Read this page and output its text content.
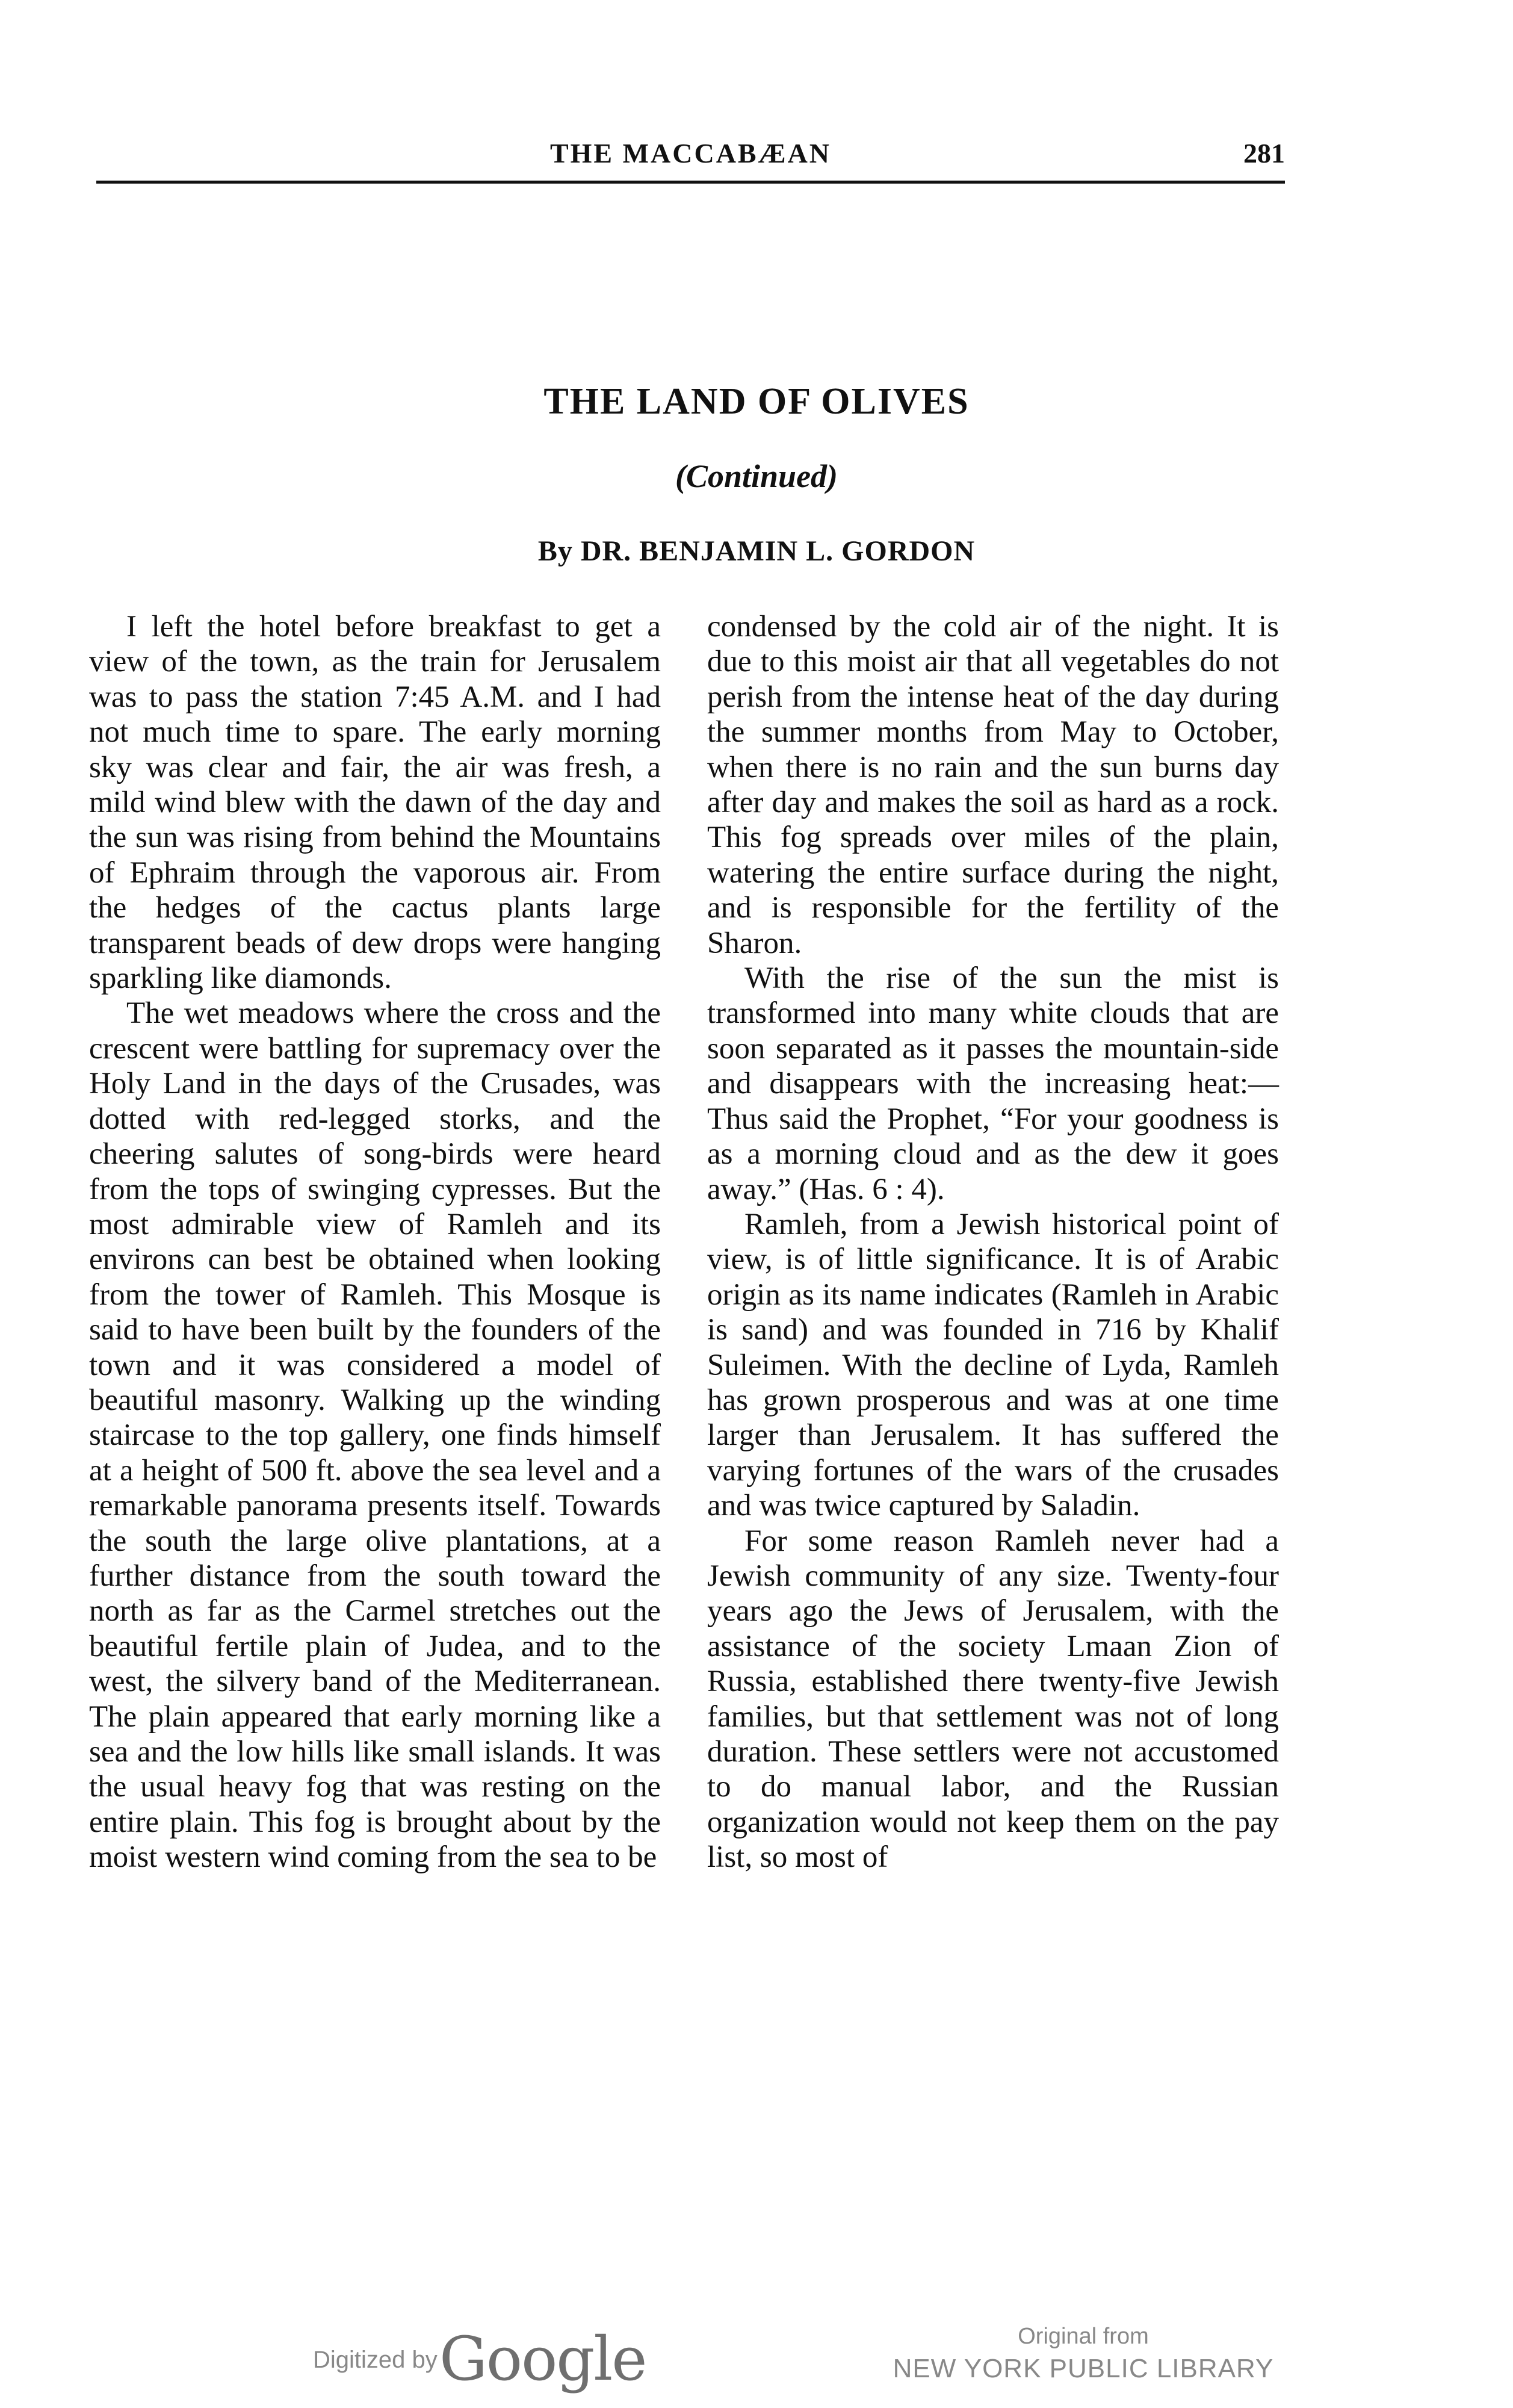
THE MACCABÆAN	281
THE LAND OF OLIVES
(Continued)
By DR. BENJAMIN L. GORDON

I left the hotel before breakfast to get a view of the town, as the train for Jerusalem was to pass the station 7:45 A.M. and I had not much time to spare. The early morning sky was clear and fair, the air was fresh, a mild wind blew with the dawn of the day and the sun was rising from behind the Mountains of Ephraim through the vaporous air. From the hedges of the cactus plants large transparent beads of dew drops were hanging sparkling like diamonds.

The wet meadows where the cross and the crescent were battling for supremacy over the Holy Land in the days of the Crusades, was dotted with red-legged storks, and the cheering salutes of song-birds were heard from the tops of swinging cypresses. But the most admirable view of Ramleh and its environs can best be obtained when looking from the tower of Ramleh. This Mosque is said to have been built by the founders of the town and it was considered a model of beautiful masonry. Walking up the winding staircase to the top gallery, one finds himself at a height of 500 ft. above the sea level and a remarkable panorama presents itself. Towards the south the large olive plantations, at a further distance from the south toward the north as far as the Carmel stretches out the beautiful fertile plain of Judea, and to the west, the silvery band of the Mediterranean. The plain appeared that early morning like a sea and the low hills like small islands. It was the usual heavy fog that was resting on the entire plain. This fog is brought about by the moist western wind coming from the sea to be

condensed by the cold air of the night. It is due to this moist air that all vegetables do not perish from the intense heat of the day during the summer months from May to October, when there is no rain and the sun burns day after day and makes the soil as hard as a rock. This fog spreads over miles of the plain, watering the entire surface during the night, and is responsible for the fertility of the Sharon.

With the rise of the sun the mist is transformed into many white clouds that are soon separated as it passes the mountain-side and disappears with the increasing heat:— Thus said the Prophet, “For your goodness is as a morning cloud and as the dew it goes away.” (Has. 6 : 4).

Ramleh, from a Jewish historical point of view, is of little significance. It is of Arabic origin as its name indicates (Ramleh in Arabic is sand) and was founded in 716 by Khalif Suleimen. With the decline of Lyda, Ramleh has grown prosperous and was at one time larger than Jerusalem. It has suffered the varying fortunes of the wars of the crusades and was twice captured by Saladin.

For some reason Ramleh never had a Jewish community of any size. Twenty-four years ago the Jews of Jerusalem, with the assistance of the society Lmaan Zion of Russia, established there twenty-five Jewish families, but that settlement was not of long duration. These settlers were not accustomed to do manual labor, and the Russian organization would not keep them on the pay list, so most of

Digitized by Google	Original from
NEW YORK PUBLIC LIBRARY
